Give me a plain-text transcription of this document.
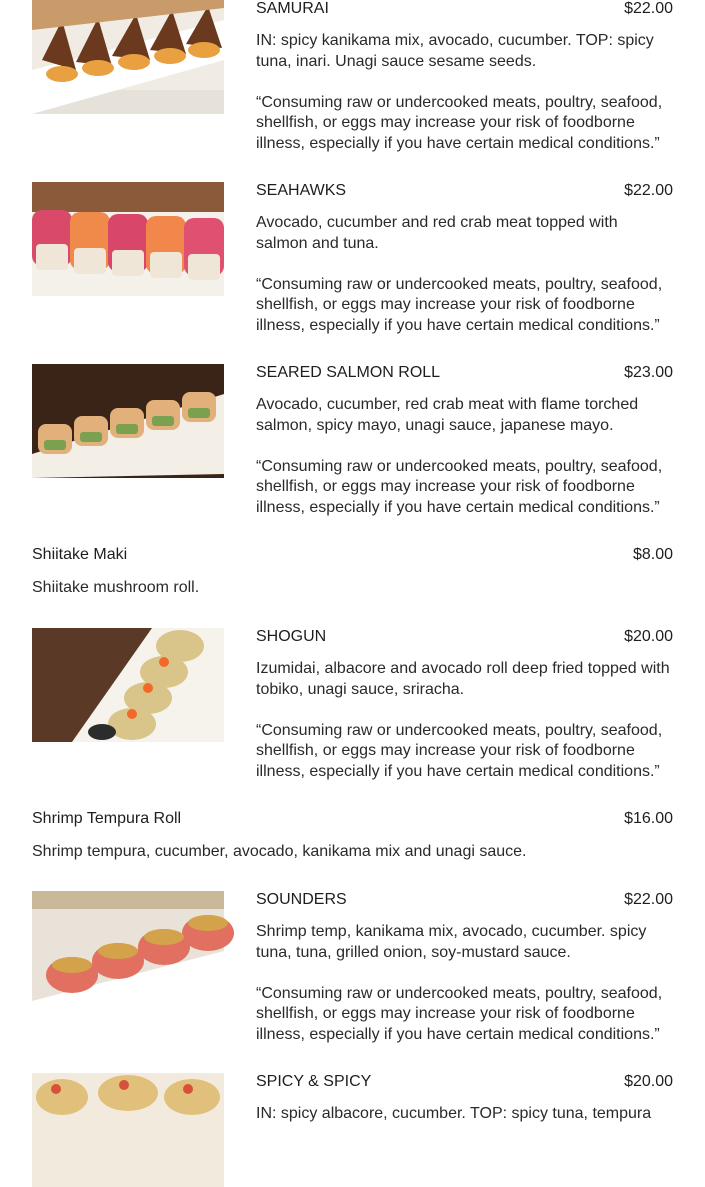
SAMURAI	$22.00
IN: spicy kanikama mix, avocado, cucumber. TOP: spicy tuna, inari. Unagi sauce sesame seeds.
“Consuming raw or undercooked meats, poultry, seafood, shellfish, or eggs may increase your risk of foodborne illness, especially if you have certain medical conditions.”
SEAHAWKS	$22.00
Avocado, cucumber and red crab meat topped with salmon and tuna.
“Consuming raw or undercooked meats, poultry, seafood, shellfish, or eggs may increase your risk of foodborne illness, especially if you have certain medical conditions.”
SEARED SALMON ROLL	$23.00
Avocado, cucumber, red crab meat with flame torched salmon, spicy mayo, unagi sauce, japanese mayo.
“Consuming raw or undercooked meats, poultry, seafood, shellfish, or eggs may increase your risk of foodborne illness, especially if you have certain medical conditions.”
Shiitake Maki	$8.00
Shiitake mushroom roll.
SHOGUN	$20.00
Izumidai, albacore and avocado roll deep fried topped with tobiko, unagi sauce, sriracha.
“Consuming raw or undercooked meats, poultry, seafood, shellfish, or eggs may increase your risk of foodborne illness, especially if you have certain medical conditions.”
Shrimp Tempura Roll	$16.00
Shrimp tempura, cucumber, avocado, kanikama mix and unagi sauce.
SOUNDERS	$22.00
Shrimp temp, kanikama mix, avocado, cucumber. spicy tuna, tuna, grilled onion, soy-mustard sauce.
“Consuming raw or undercooked meats, poultry, seafood, shellfish, or eggs may increase your risk of foodborne illness, especially if you have certain medical conditions.”
SPICY & SPICY	$20.00
IN: spicy albacore, cucumber. TOP: spicy tuna, tempura
